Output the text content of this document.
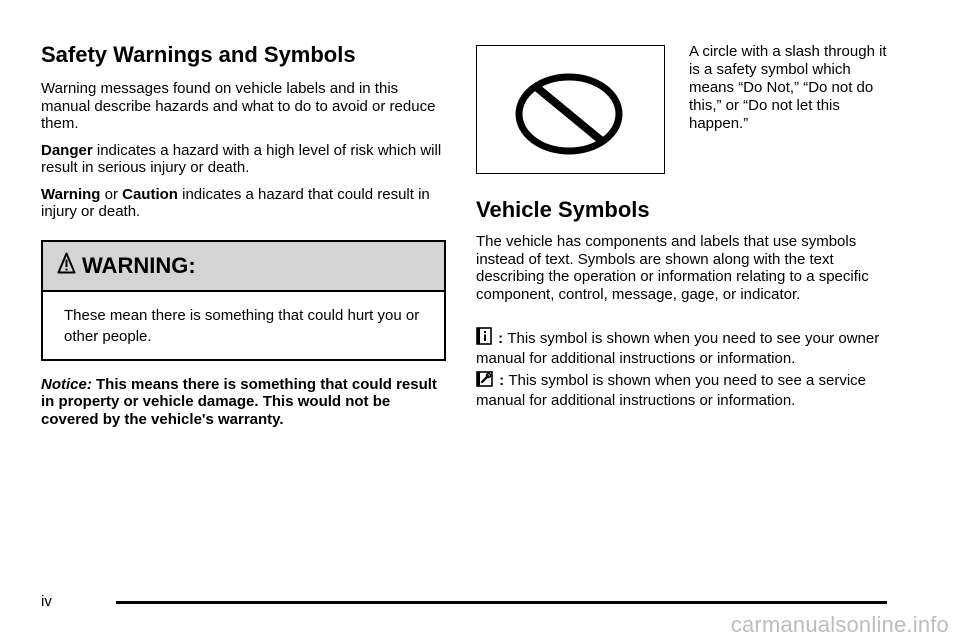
Safety Warnings and Symbols

Warning messages found on vehicle labels and in this manual describe hazards and what to do to avoid or reduce them.

Danger indicates a hazard with a high level of risk which will result in serious injury or death.

Warning or Caution indicates a hazard that could result in injury or death.

WARNING:
These mean there is something that could hurt you or other people.

Notice: This means there is something that could result in property or vehicle damage. This would not be covered by the vehicle's warranty.

A circle with a slash through it is a safety symbol which means “Do Not,” “Do not do this,” or “Do not let this happen.”
Vehicle Symbols

The vehicle has components and labels that use symbols instead of text. Symbols are shown along with the text describing the operation or information relating to a specific component, control, message, gage, or indicator.

: This symbol is shown when you need to see your owner manual for additional instructions or information.

: This symbol is shown when you need to see a service manual for additional instructions or information.

iv
carmanualsonline.info
